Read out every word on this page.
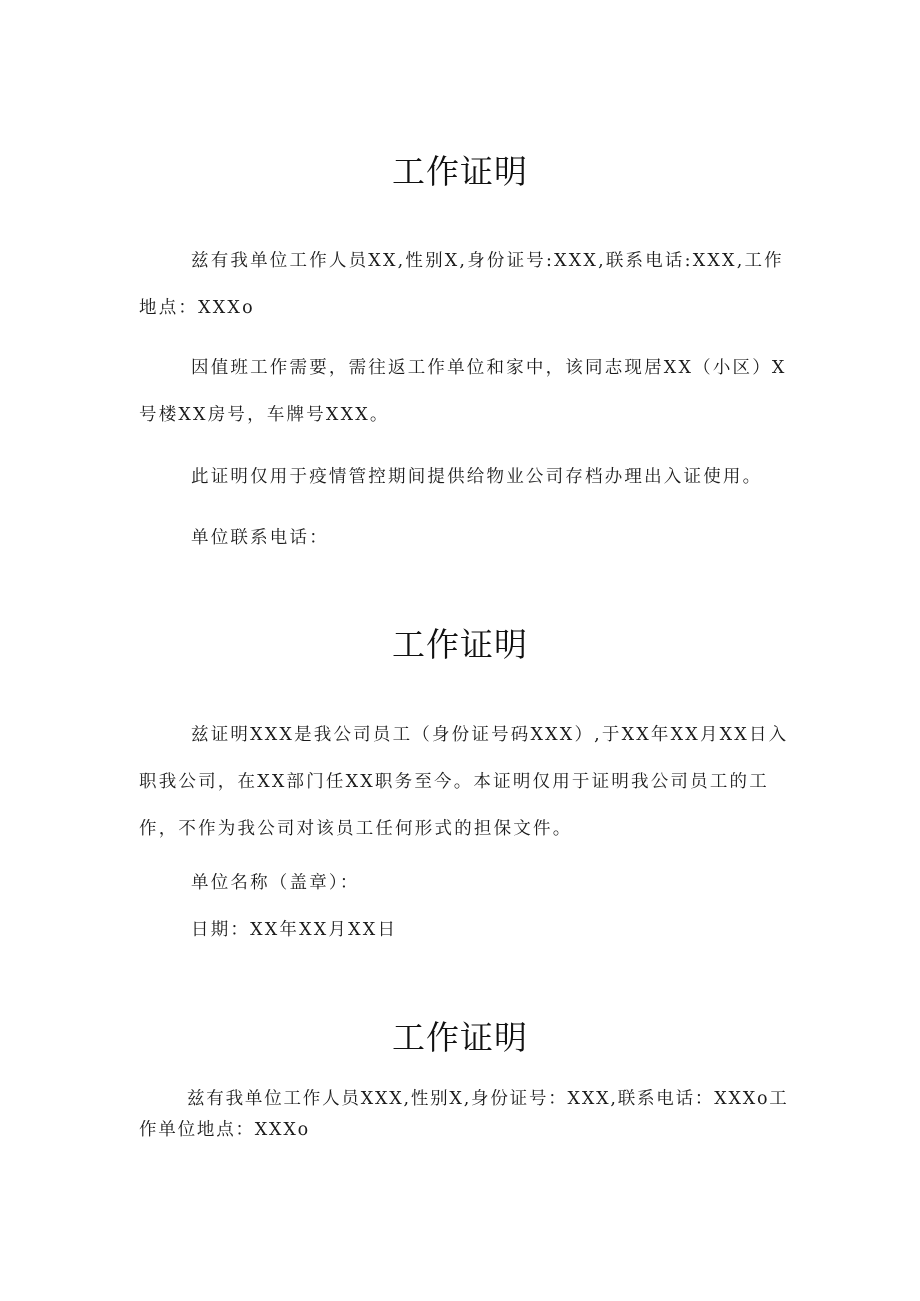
工作证明

兹有我单位工作人员XX,性别X,身份证号:XXX,联系电话:XXX,工作地点：XXXo

因值班工作需要，需往返工作单位和家中，该同志现居XX（小区）X号楼XX房号，车牌号XXX。

此证明仅用于疫情管控期间提供给物业公司存档办理出入证使用。

单位联系电话：

工作证明

兹证明XXX是我公司员工（身份证号码XXX）,于XX年XX月XX日入职我公司，在XX部门任XX职务至今。本证明仅用于证明我公司员工的工作，不作为我公司对该员工任何形式的担保文件。

单位名称（盖章）：

日期：XX年XX月XX日

工作证明

兹有我单位工作人员XXX,性别X,身份证号：XXX,联系电话：XXXo工作单位地点：XXXo
